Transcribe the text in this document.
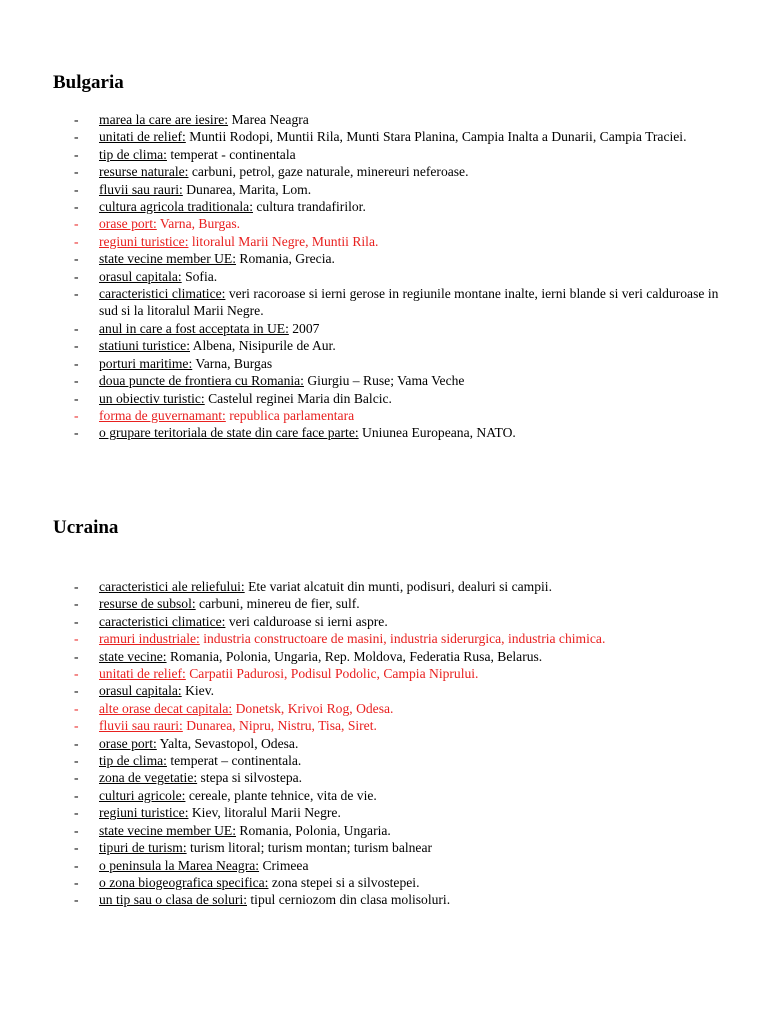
Bulgaria
- marea la care are iesire: Marea Neagra
- unitati de relief: Muntii Rodopi, Muntii Rila, Munti Stara Planina, Campia Inalta a Dunarii, Campia Traciei.
- tip de clima: temperat - continentala
- resurse naturale: carbuni, petrol, gaze naturale, minereuri neferoase.
- fluvii sau rauri: Dunarea, Marita, Lom.
- cultura agricola traditionala: cultura trandafirilor.
- orase port: Varna, Burgas.
- regiuni turistice: litoralul Marii Negre, Muntii Rila.
- state vecine member UE: Romania, Grecia.
- orasul capitala: Sofia.
- caracteristici climatice: veri racoroase si ierni gerose in regiunile montane inalte, ierni blande si veri calduroase in sud si la litoralul Marii Negre.
- anul in care a fost acceptata in UE: 2007
- statiuni turistice: Albena, Nisipurile de Aur.
- porturi maritime: Varna, Burgas
- doua puncte de frontiera cu Romania: Giurgiu – Ruse; Vama Veche
- un obiectiv turistic: Castelul reginei Maria din Balcic.
- forma de guvernamant: republica parlamentara
- o grupare teritoriala de state din care face parte: Uniunea Europeana, NATO.
Ucraina
- caracteristici ale reliefului: Ete variat alcatuit din munti, podisuri, dealuri si campii.
- resurse de subsol: carbuni, minereu de fier, sulf.
- caracteristici climatice: veri calduroase si ierni aspre.
- ramuri industriale: industria constructoare de masini, industria siderurgica, industria chimica.
- state vecine: Romania, Polonia, Ungaria, Rep. Moldova, Federatia Rusa, Belarus.
- unitati de relief: Carpatii Padurosi, Podisul Podolic, Campia Niprului.
- orasul capitala: Kiev.
- alte orase decat capitala: Donetsk, Krivoi Rog, Odesa.
- fluvii sau rauri: Dunarea, Nipru, Nistru, Tisa, Siret.
- orase port: Yalta, Sevastopol, Odesa.
- tip de clima: temperat – continentala.
- zona de vegetatie: stepa si silvostepa.
- culturi agricole: cereale, plante tehnice, vita de vie.
- regiuni turistice: Kiev, litoralul Marii Negre.
- state vecine member UE: Romania, Polonia, Ungaria.
- tipuri de turism: turism litoral; turism montan; turism balnear
- o peninsula la Marea Neagra: Crimeea
- o zona biogeografica specifica: zona stepei si a silvostepei.
- un tip sau o clasa de soluri: tipul cerniozom din clasa molisoluri.
